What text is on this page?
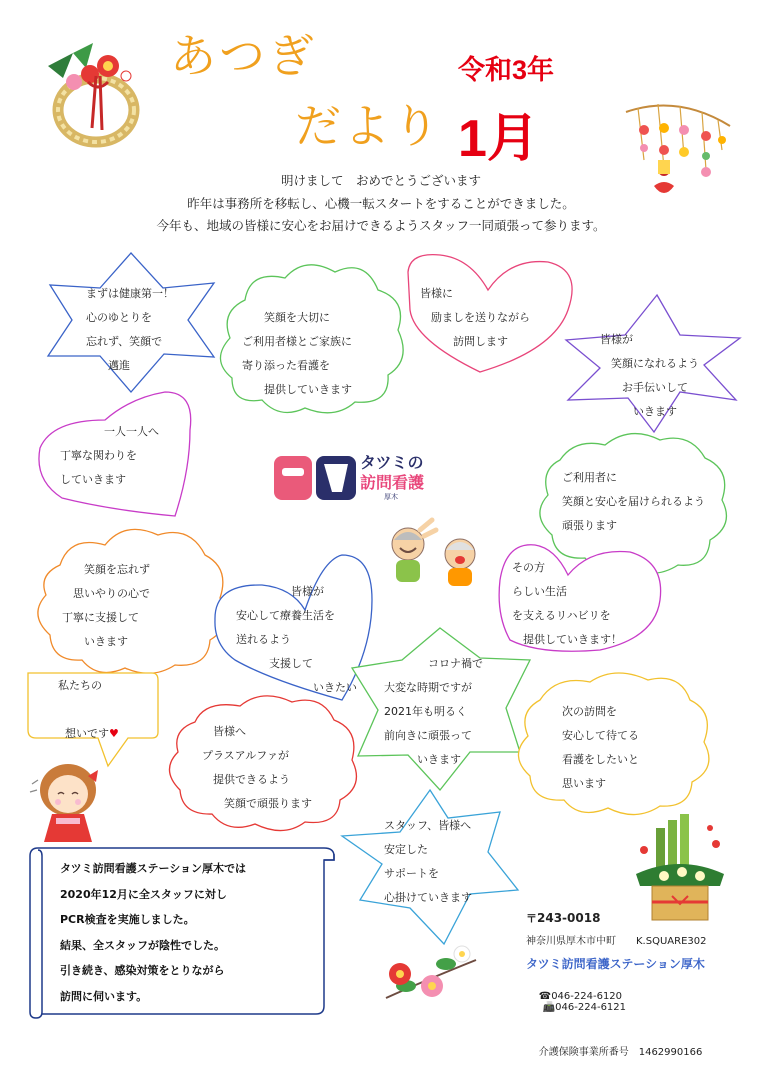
あつぎ
だより 1月
令和3年
明けまして　おめでとうございます
昨年は事務所を移転し、心機一転スタートをすることができました。
今年も、地域の皆様に安心をお届けできるようスタッフ一同頑張って参ります。
まずは健康第一！
心のゆとりを
忘れず、笑顔で
　　邁進
　　笑顔を大切に
ご利用者様とご家族に
寄り添った看護を
　　提供していきます
皆様に
　励ましを送りながら
　　　訪問します	皆様が
　笑顔になれるよう
　　お手伝いして
　　　いきます
　　　　一人一人へ
丁寧な関わりを
していきます	ご利用者に
笑顔と安心を届けられるよう
頑張ります
　　笑顔を忘れず
　思いやりの心で
丁寧に支援して
　　いきます
　　　　　皆様が
安心して療養生活を
送れるよう
　　　支援して
　　　　　　　いきたい
その方
らしい生活
を支えるリハビリを
　提供していきます！
私たちの

想いです♥

　　　　コロナ禍で
大変な時期ですが
2021年も明るく
前向きに頑張って
　　　いきます
次の訪問を
安心して待てる
看護をしたいと
思います
　皆様へ
プラスアルファが
　提供できるよう
　　笑顔で頑張ります
スタッフ、皆様へ
安定した
サポートを
心掛けていきます
タツミの
訪問看護
厚木
タツミ訪問看護ステーション厚木では
2020年12月に全スタッフに対し
PCR検査を実施しました。
結果、全スタッフが陰性でした。
引き続き、感染対策をとりながら
訪問に伺います。
〒243-0018
神奈川県厚木市中町　　K.SQUARE302
タツミ訪問看護ステーション厚木

☎046-224-6120
📠046-224-6121

介護保険事業所番号　 1462990166
